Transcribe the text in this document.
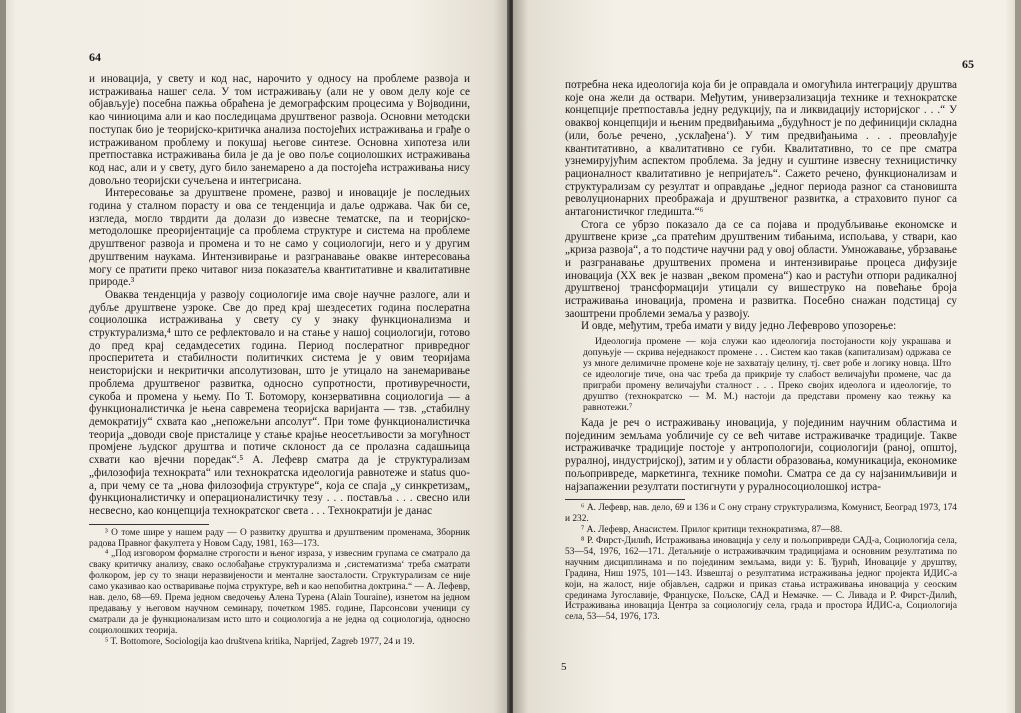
64

и иновација, у свету и код нас, нарочито у односу на проблеме развоја и истраживања нашег села. У том истраживању (али не у овом делу које се објављује) посебна пажња обраћена је демографским процесима у Војводини, као чиниоцима али и као последицама друштвеног развоја. Основни методски поступак био је теоријско-критичка анализа постојећих истраживања и грађе о истраживаном проблему и покушај његове синтезе. Основна хипотеза или претпоставка истраживања била је да је ово поље социолошких истраживања код нас, али и у свету, дуго било занемарено а да постојећа истраживања нису довољно теоријски сучељена и интегрисана.

Интересовање за друштвене промене, развој и иновације је последњих година у сталном порасту и ова се тенденција и даље одржава. Чак би се, изгледа, могло тврдити да долази до извесне тематске, па и теоријско-методолошке преоријентације са проблема структуре и система на проблеме друштвеног развоја и промена и то не само у социологији, него и у другим друштвеним наукама. Интензивирање и разгранавање овакве интересовања могу се пратити преко читавог низа показатеља квантитативне и квалитативне природе.³

Оваква тенденција у развоју социологије има своје научне разлоге, али и дубље друштвене узроке. Све до пред крај шездесетих година послератна социолошка истраживања у свету су у знаку функционализма и структурализма,⁴ што се рефлектовало и на стање у нашој социологији, готово до пред крај седамдесетих година. Период послератног привредног просперитета и стабилности политичких система је у овим теоријама неисторијски и некритички апсолутизован, што је утицало на занемаривање проблема друштвеног развитка, односно супротности, противуречности, сукоба и промена у њему. По Т. Ботомору, конзервативна социологија — а функционалистичка је њена савремена теоријска варијанта — тзв. „стабилну демократију“ схвата као „непожељни апсолут“. При томе функционалистичка теорија „доводи своје присталице у стање крајње неосетљивости за могућност промјене људског друштва и потиче склоност да се пролазна садашњица схвати као вјечни поредак“.⁵ А. Лефевр сматра да је структурализам „филозофија технократа“ или технократска идеологија равнотеже и status quo-а, при чему се та „нова филозофија структуре“, која се спаја „у синкретизам„ функционалистичку и операционалистичку тезу . . . постављa . . . свесно или несвесно, као концепција технократског света . . . Технократији је данас

³ О томе шире у нашем раду — О развитку друштва и друштвеним променама, Зборник радова Правног факултета у Новом Саду, 1981, 163—173.

⁴ „Под изговором формалне строгости и њеног израза, у извесним групама се сматрало да сваку критичку анализу, свако ослобађање структурализма и ‚систематизма‘ треба сматрати фолкором, јер су то знаци неразвијености и менталне заосталости. Структурализам се није само указивао као остваривање појма структуре, већ и као непобитна доктрина.“ — А. Лефевр, нав. дело, 68—69. Према једном сведочењу Алена Турена (Alain Touraine), изнетом на једном предавању у његовом научном семинару, почетком 1985. године, Парсонсови ученици су сматрали да је функционализам исто што и социологија а не једна од социологија, односно социолошких теорија.

⁵ T. Bottomore, Sociologija kao društvena kritika, Naprijed, Zagreb 1977, 24 и 19.

65

потребна нека идеологија која би је оправдала и омогућила интеграцију друштва које она жели да оствари. Међутим, универзализација технике и технократске концепције претпоставља једну редукцију, па и ликвидацију историјског . . .“ У оваквој концепцији и њеним предвиђањима „будућност је по дефиницији складна (или, боље речено, ‚усклађена‘). У тим предвиђањима . . . преовлађује квантитативно, а квалитативно се губи. Квалитативно, то се пре сматра узнемирујућим аспектом проблема. За једну и суштине извесну техницистичку рационалност квалитативно је непријатељ“. Сажето речено, функционализам и структурализам су резултат и оправдање „једног периода разног са становишта револуционарних преображаја и друштвеног развитка, а страховито пуног са антагонистичког гледишта.“⁶

Стога се убрзо показало да се са појава и продубљивање економске и друштвене кризе „са пратећим друштвеним тибањима, испољава, у ствари, као „криза развоја“, а то подстиче научни рад у овој области. Умножавање, убрзавање и разгранавање друштвених промена и интензивирање процеса дифузије иновација (XX век је назван „веком промена“) као и растући отпори радикалној друштвеној трансформацији утицали су вишеструко на повећање броја истраживања иновација, промена и развитка. Посебно снажан подстицај су заоштрени проблеми земаља у развоју.

И овде, међутим, треба имати у виду једно Лефеврово упозорење:

Идеологија промене — која служи као идеологија постојаности коју украшава и допуњује — скрива неједнакост промене . . . Систем као такав (капитализам) одржава се уз многе делимичне промене које не захватају целину, тј. свет робе и логику новца. Што се идеологије тиче, она час треба да прикрије ту слабост величајући промене, час да приграби промену величајући сталност . . . Преко својих идеолога и идеологије, то друштво (технократско — М. М.) настоји да представи промену као тежњу ка равнотежи.⁷

Када је реч о истраживању иновација, у појединим научним областима и појединим земљама уобличије су се већ читаве истраживачке традиције. Такве истраживачке традиције постоје у антропологији, социологији (раној, општој, руралној, индустријској), затим и у области образовања, комуникација, економике пољопривреде, маркетинга, технике помоћи. Сматра се да су најзанимљивији и најзапажении резултати постигнути у руралносоциолошкој истра-

⁶ А. Лефевр, нав. дело, 69 и 136 и С ону страну структурализма, Комунист, Београд 1973, 174 и 232.

⁷ А. Лефевр, Анасистем. Прилог критици технократизма, 87—88.

⁸ Р. Фирст-Дилић, Истраживања иновација у селу и пољопривреди САД-а, Социологија села, 53—54, 1976, 162—171. Детаљније о истраживачким традицијама и основним резултатима по научним дисциплинама и по појединим земљама, види у: Б. Ђурић, Иновације у друштву, Градина, Ниш 1975, 101—143. Извештај о резултатима истраживања једног пројекта ИДИС-а који, на жалост, није објављен, садржи и приказ стања истраживања иновација у сеоским срединама Југославије, Француске, Пољске, САД и Немачке. — С. Ливада и Р. Фирст-Дилић, Истраживања иновација Центра за социологију села, града и простора ИДИС-а, Социологија села, 53—54, 1976, 173.

5
